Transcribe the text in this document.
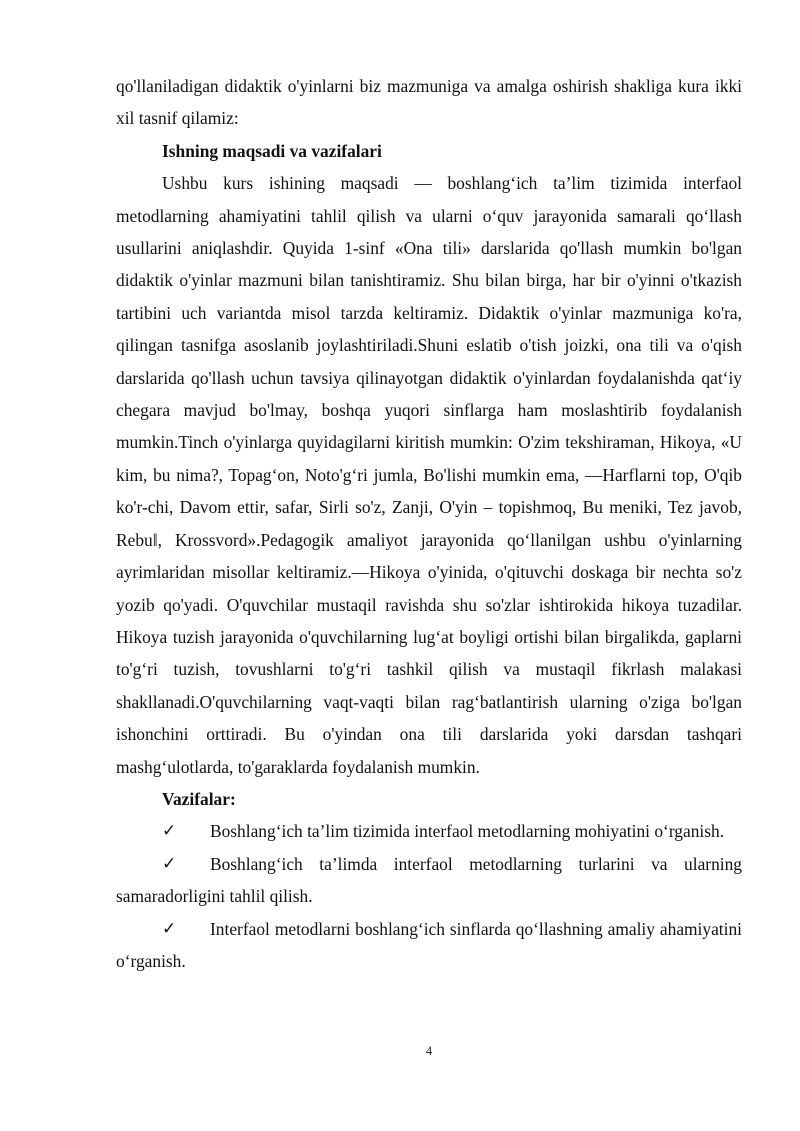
qo'llaniladigan didaktik o'yinlarni biz mazmuniga va amalga oshirish shakliga kura ikki xil tasnif qilamiz:

Ishning maqsadi va vazifalari

Ushbu kurs ishining maqsadi — boshlang‘ich ta’lim tizimida interfaol metodlarning ahamiyatini tahlil qilish va ularni o‘quv jarayonida samarali qo‘llash usullarini aniqlashdir. Quyida 1-sinf «Ona tili» darslarida qo'llash mumkin bo'lgan didaktik o'yinlar mazmuni bilan tanishtiramiz. Shu bilan birga, har bir o'yinni o'tkazish tartibini uch variantda misol tarzda keltiramiz. Didaktik o'yinlar mazmuniga ko'ra, qilingan tasnifga asoslanib joylashtiriladi.Shuni eslatib o'tish joizki, ona tili va o'qish darslarida qo'llash uchun tavsiya qilinayotgan didaktik o'yinlardan foydalanishda qat‘iy chegara mavjud bo'lmay, boshqa yuqori sinflarga ham moslashtirib foydalanish mumkin.Tinch o'yinlarga quyidagilarni kiritish mumkin: O'zim tekshiraman, Hikoya, «U kim, bu nima?, Topag‘on, Noto'g‘ri jumla, Bo'lishi mumkin ema, —Harflarni top, O'qib ko'r-chi, Davom ettir, safar, Sirli so'z, Zanji, O'yin – topishmoq, Bu meniki, Tez javob, Rebu‖, Krossvord».Pedagogik amaliyot jarayonida qo‘llanilgan ushbu o'yinlarning ayrimlaridan misollar keltiramiz.—Hikoya o'yinida, o'qituvchi doskaga bir nechta so'z yozib qo'yadi. O'quvchilar mustaqil ravishda shu so'zlar ishtirokida hikoya tuzadilar. Hikoya tuzish jarayonida o'quvchilarning lug‘at boyligi ortishi bilan birgalikda, gaplarni to'g‘ri tuzish, tovushlarni to'g‘ri tashkil qilish va mustaqil fikrlash malakasi shakllanadi.O'quvchilarning vaqt-vaqti bilan rag‘batlantirish ularning o'ziga bo'lgan ishonchini orttiradi. Bu o'yindan ona tili darslarida yoki darsdan tashqari mashg‘ulotlarda, to'garaklarda foydalanish mumkin.

Vazifalar:

✓ Boshlang‘ich ta’lim tizimida interfaol metodlarning mohiyatini o‘rganish.

✓ Boshlang‘ich ta’limda interfaol metodlarning turlarini va ularning samaradorligini tahlil qilish.

✓ Interfaol metodlarni boshlang‘ich sinflarda qo‘llashning amaliy ahamiyatini o‘rganish.

4
